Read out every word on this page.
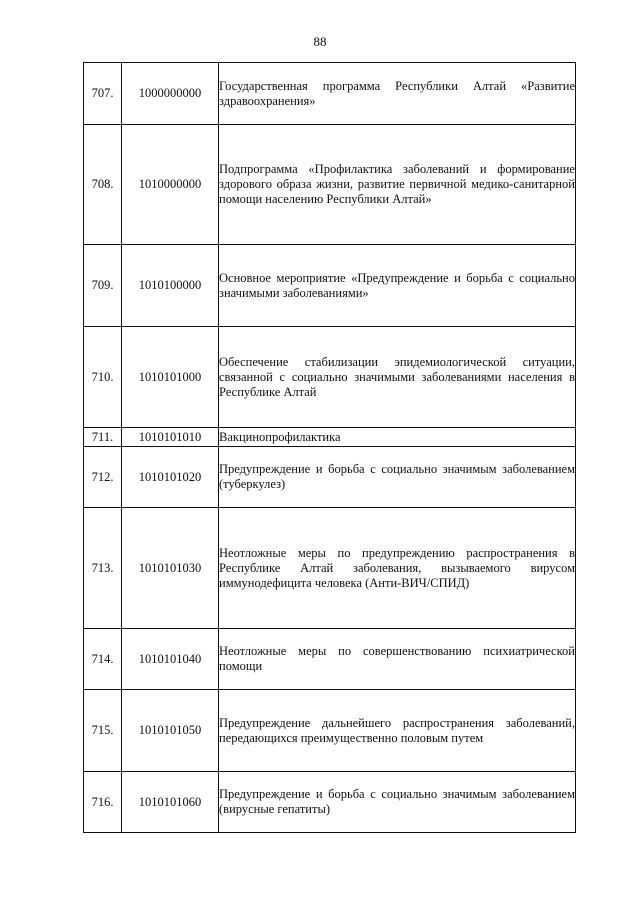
88
707.	1000000000	Государственная программа Республики Алтай «Развитие здравоохранения»
708.	1010000000	Подпрограмма «Профилактика заболеваний и формирование здорового образа жизни, развитие первичной медико-санитарной помощи населению Республики Алтай»
709.	1010100000	Основное мероприятие «Предупреждение и борьба с социально значимыми заболеваниями»
710.	1010101000	Обеспечение стабилизации эпидемиологической ситуации, связанной с социально значимыми заболеваниями населения в Республике Алтай
711.	1010101010	Вакцинопрофилактика
712.	1010101020	Предупреждение и борьба с социально значимым заболеванием (туберкулез)
713.	1010101030	Неотложные меры по предупреждению распространения в Республике Алтай заболевания, вызываемого вирусом иммунодефицита человека (Анти-ВИЧ/СПИД)
714.	1010101040	Неотложные меры по совершенствованию психиатрической помощи
715.	1010101050	Предупреждение дальнейшего распространения заболеваний, передающихся преимущественно половым путем
716.	1010101060	Предупреждение и борьба с социально значимым заболеванием (вирусные гепатиты)
